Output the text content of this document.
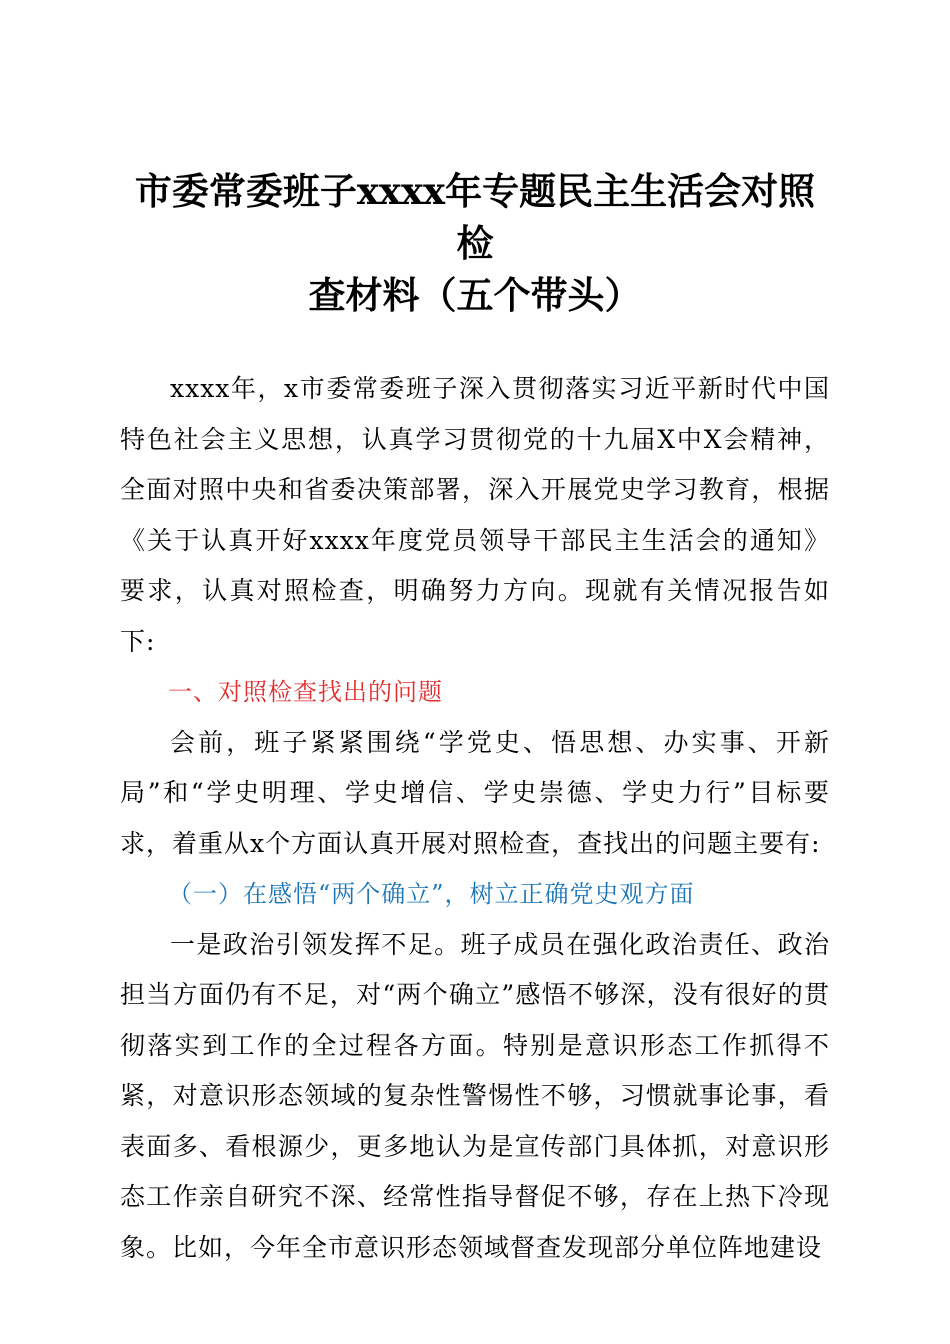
市委常委班子xxxx年专题民主生活会对照检
查材料（五个带头）

xxxx年，x市委常委班子深入贯彻落实习近平新时代中国特色社会主义思想，认真学习贯彻党的十九届X中X会精神，全面对照中央和省委决策部署，深入开展党史学习教育，根据《关于认真开好xxxx年度党员领导干部民主生活会的通知》要求，认真对照检查，明确努力方向。现就有关情况报告如下:

一、对照检查找出的问题

会前，班子紧紧围绕“学党史、悟思想、办实事、开新局”和“学史明理、学史增信、学史崇德、学史力行”目标要求，着重从x个方面认真开展对照检查，查找出的问题主要有:

（一）在感悟“两个确立”，树立正确党史观方面

一是政治引领发挥不足。班子成员在强化政治责任、政治担当方面仍有不足，对“两个确立”感悟不够深，没有很好的贯彻落实到工作的全过程各方面。特别是意识形态工作抓得不紧，对意识形态领域的复杂性警惕性不够，习惯就事论事，看表面多、看根源少，更多地认为是宣传部门具体抓，对意识形态工作亲自研究不深、经常性指导督促不够，存在上热下冷现象。比如，今年全市意识形态领域督查发现部分单位阵地建设
